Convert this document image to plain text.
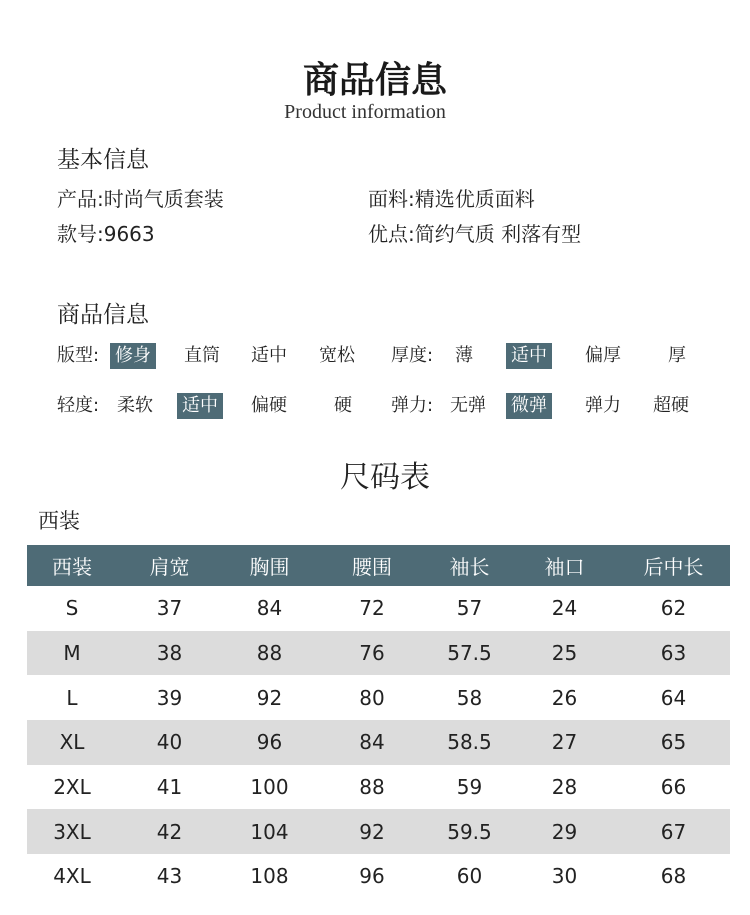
商品信息
Product information
基本信息
产品:时尚气质套装	面料:精选优质面料
款号:9663	优点:简约气质 利落有型
商品信息
版型: 修身 直筒 适中 宽松 厚度: 薄 适中 偏厚	厚
轻度: 柔软 适中 偏硬	硬 弹力: 无弹 微弹 弹力 超硬
尺码表
西装
西装	肩宽	胸围	腰围	袖长	袖口	后中长
S	37	84	72	57	24	62
M	38	88	76	57.5	25	63
L	39	92	80	58	26	64
XL	40	96	84	58.5	27	65
2XL	41	100	88	59	28	66
3XL	42	104	92	59.5	29	67
4XL	43	108	96	60	30	68
